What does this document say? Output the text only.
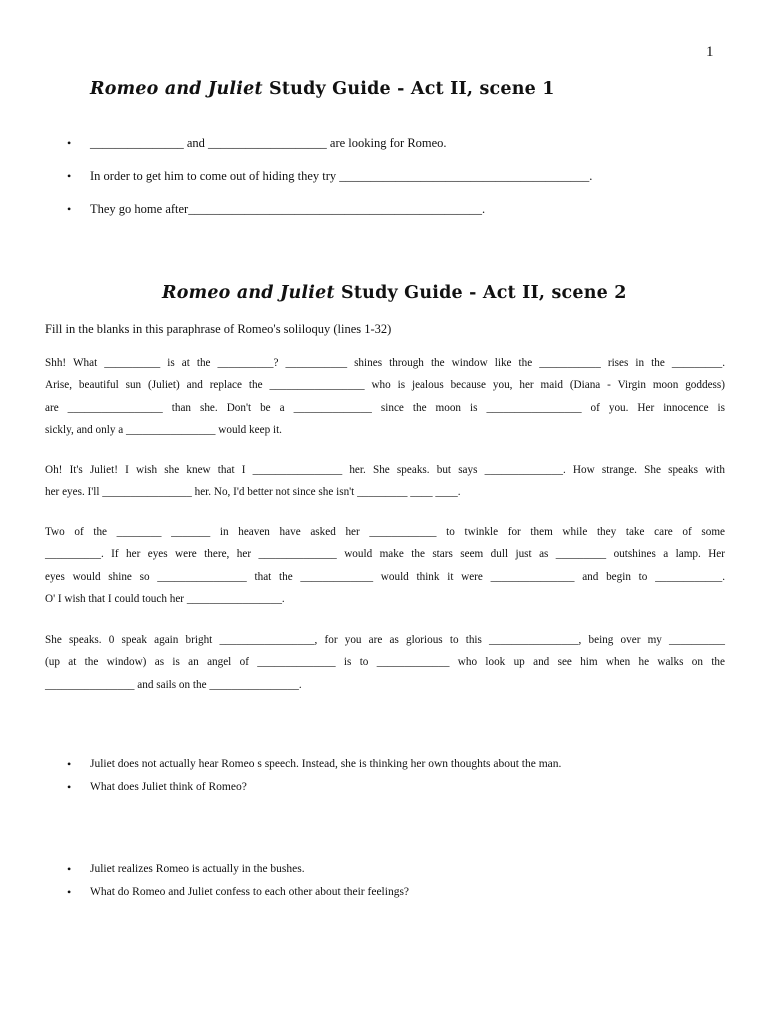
1
Romeo and Juliet Study Guide - Act II, scene 1
• _______________ and ___________________ are looking for Romeo.
• In order to get him to come out of hiding they try ________________________________________.
• They go home after_______________________________________________.
Romeo and Juliet Study Guide - Act II, scene 2
Fill in the blanks in this paraphrase of Romeo's soliloquy (lines 1-32)
Shh! What __________ is at the __________? ___________ shines through the window like the ___________ rises in the _________.
Arise, beautiful sun (Juliet) and replace the _________________ who is jealous because you, her maid (Diana - Virgin moon goddess)
are _________________ than she. Don't be a ______________ since the moon is _________________ of you. Her innocence is
sickly, and only a ________________ would keep it.
Oh! It's Juliet! I wish she knew that I ________________ her. She speaks. but says ______________. How strange. She speaks with
her eyes. I'll ________________ her. No, I'd better not since she isn't _________ ____ ____.
Two of the ________ _______ in heaven have asked her ____________ to twinkle for them while they take care of some
__________. If her eyes were there, her ______________ would make the stars seem dull just as _________ outshines a lamp. Her
eyes would shine so ________________ that the _____________ would think it were _______________ and begin to ____________.
O' I wish that I could touch her _________________.
She speaks. 0 speak again bright _________________, for you are as glorious to this ________________, being over my __________
(up at the window) as is an angel of ______________ is to _____________ who look up and see him when he walks on the
________________ and sails on the ________________.
• Juliet does not actually hear Romeo s speech. Instead, she is thinking her own thoughts about the man.
• What does Juliet think of Romeo?
• Juliet realizes Romeo is actually in the bushes.
• What do Romeo and Juliet confess to each other about their feelings?
